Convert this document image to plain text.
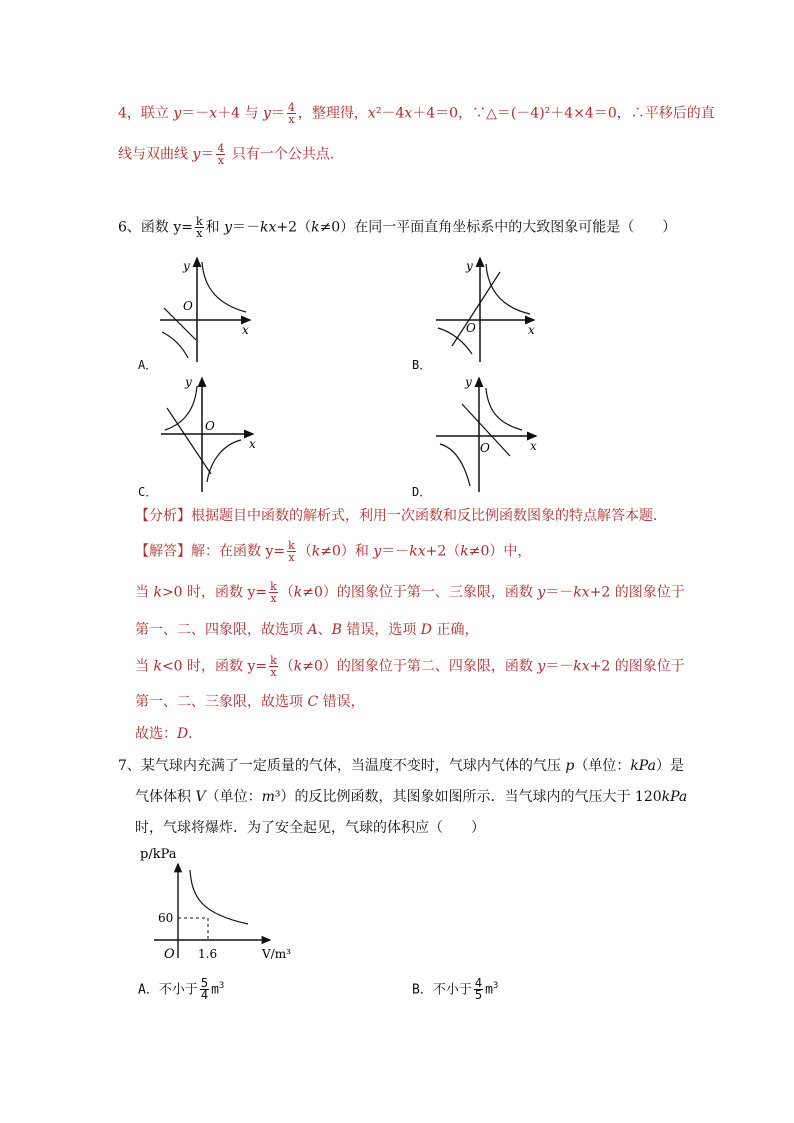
4，联立 y＝－x＋4 与 $y= \frac{4}{x}$ ，整理得，x²－4x＋4＝0，∵△＝(－4)²＋4×4＝0，∴平移后的直
线与双曲线 $y= \frac{4}{x}$ 只有一个公共点．
6、函数 $y= \frac{k}{x}$ 和 y＝－kx+2（k≠0）在同一平面直角坐标系中的大致图象可能是（　　）
y
O
x
A．
y
O	x
B．
y
O
x
C．
y
O	x
D．
【分析】根据题目中函数的解析式，利用一次函数和反比例函数图象的特点解答本题．
【解答】解：在函数 $y= \frac{k}{x} (k\ne 0)$和 y＝－kx+2（k≠0）中，
当 k>0 时，函数 $y= \frac{k}{x} (k\ne 0)$的图象位于第一、三象限，函数 y＝－kx+2 的图象位于
第一、二、四象限，故选项 A、B 错误，选项 D 正确，
当 k<0 时，函数 $y= \frac{k}{x} (k\ne 0)$的图象位于第二、四象限，函数 y＝－kx+2 的图象位于
第一、二、三象限，故选项 C 错误，
故选：D．
7、某气球内充满了一定质量的气体，当温度不变时，气球内气体的气压 p（单位：kPa）是
气体体积 V（单位：m³）的反比例函数，其图象如图所示．当气球内的气压大于 120kPa
时，气球将爆炸．为了安全起见，气球的体积应（　　）
p/kPa
V/m³
O 1.6
60
A．不小于 $\frac{5}{4} m^3$	B．不小于 $\frac{4}{5} m^3$
